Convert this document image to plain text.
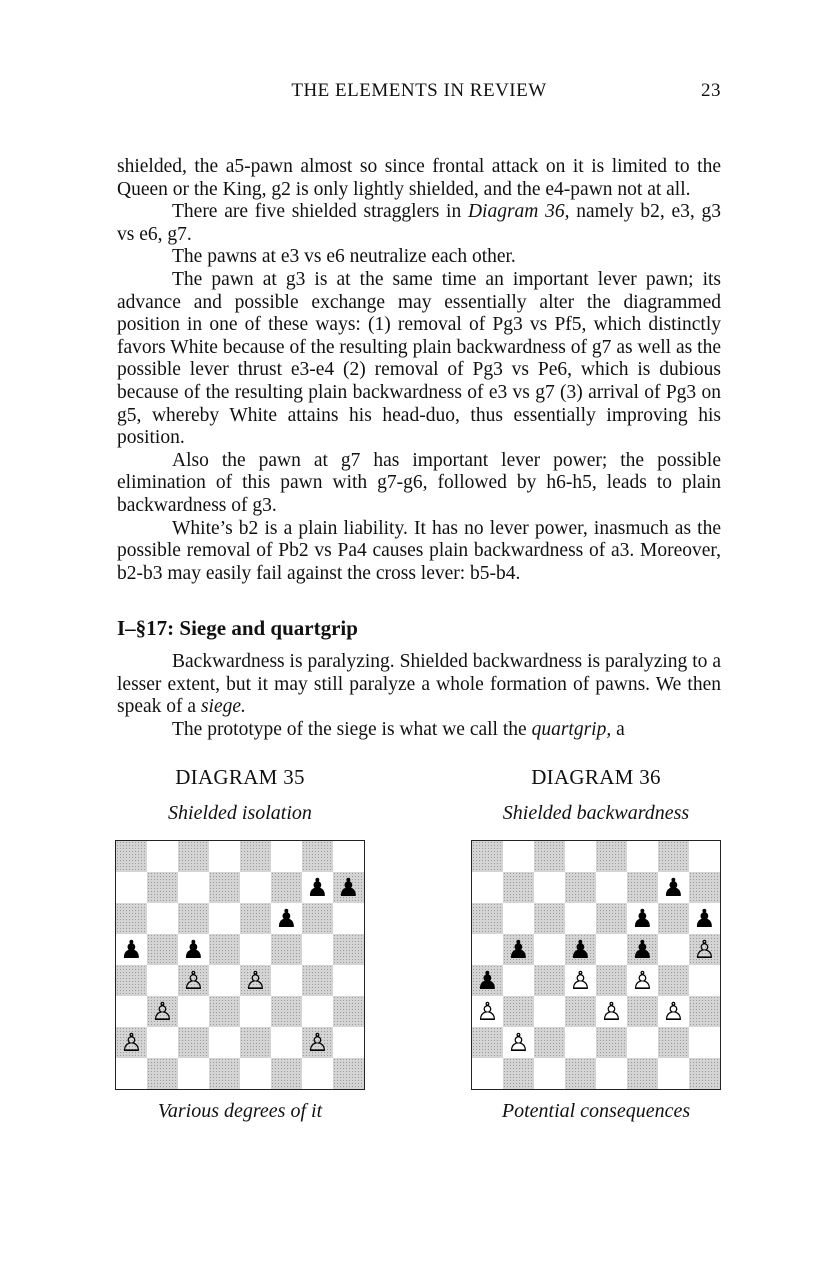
THE ELEMENTS IN REVIEW	23

shielded, the a5-pawn almost so since frontal attack on it is limited to the Queen or the King, g2 is only lightly shielded, and the e4-pawn not at all.

There are five shielded stragglers in Diagram 36, namely b2, e3, g3 vs e6, g7.

The pawns at e3 vs e6 neutralize each other.

The pawn at g3 is at the same time an important lever pawn; its advance and possible exchange may essentially alter the diagrammed position in one of these ways: (1) removal of Pg3 vs Pf5, which distinctly favors White because of the resulting plain backwardness of g7 as well as the possible lever thrust e3-e4 (2) removal of Pg3 vs Pe6, which is dubious because of the resulting plain backwardness of e3 vs g7 (3) arrival of Pg3 on g5, whereby White attains his head-duo, thus essentially improving his position.

Also the pawn at g7 has important lever power; the possible elimination of this pawn with g7-g6, followed by h6-h5, leads to plain backwardness of g3.

White’s b2 is a plain liability. It has no lever power, inasmuch as the possible removal of Pb2 vs Pa4 causes plain backwardness of a3. Moreover, b2-b3 may easily fail against the cross lever: b5-b4.

I–§17: Siege and quartgrip

Backwardness is paralyzing. Shielded backwardness is paralyzing to a lesser extent, but it may still paralyze a whole formation of pawns. We then speak of a siege.

The prototype of the siege is what we call the quartgrip, a

DIAGRAM 35
Shielded isolation
♟ ♟
♟
♟ ♟
♙ ♙
♙
♙	♙
Various degrees of it
DIAGRAM 36
Shielded backwardness
♟
♟ ♟
♟ ♟ ♟ ♙
♟	♙ ♙
♙	♙ ♙
♙
Potential consequences
